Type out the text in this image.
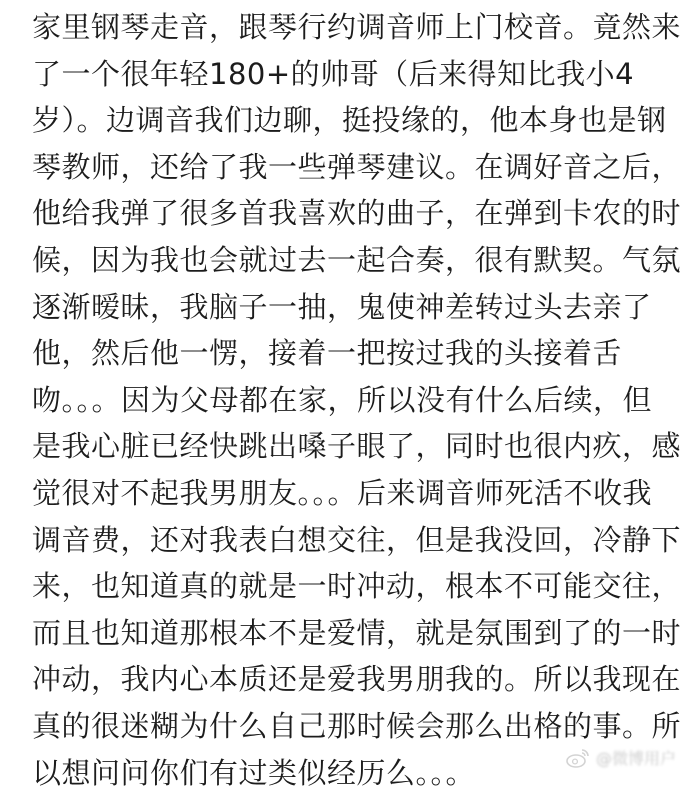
家里钢琴走音，跟琴行约调音师上门校音。竟然来
了一个很年轻180+的帅哥（后来得知比我小4
岁）。边调音我们边聊，挺投缘的，他本身也是钢
琴教师，还给了我一些弹琴建议。在调好音之后，
他给我弹了很多首我喜欢的曲子，在弹到卡农的时
候，因为我也会就过去一起合奏，很有默契。气氛
逐渐暧昧，我脑子一抽，鬼使神差转过头去亲了
他，然后他一愣，接着一把按过我的头接着舌
吻。。。因为父母都在家，所以没有什么后续，但
是我心脏已经快跳出嗓子眼了，同时也很内疚，感
觉很对不起我男朋友。。。后来调音师死活不收我
调音费，还对我表白想交往，但是我没回，冷静下
来，也知道真的就是一时冲动，根本不可能交往，
而且也知道那根本不是爱情，就是氛围到了的一时
冲动，我内心本质还是爱我男朋我的。所以我现在
真的很迷糊为什么自己那时候会那么出格的事。所
以想问问你们有过类似经历么。。。	@微博用户
